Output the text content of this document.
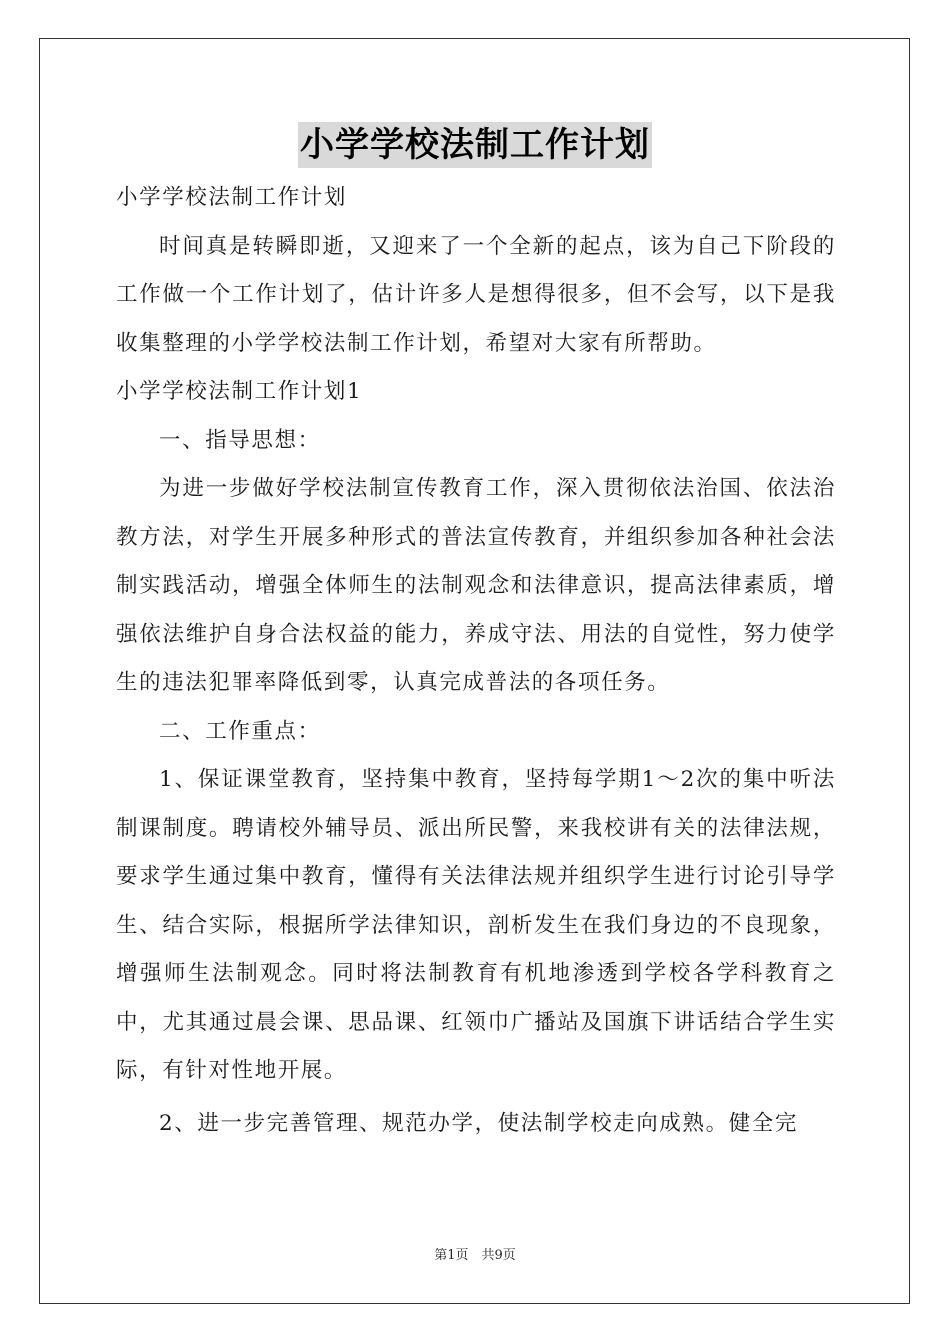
小学学校法制工作计划

小学学校法制工作计划

时间真是转瞬即逝，又迎来了一个全新的起点，该为自己下阶段的工作做一个工作计划了，估计许多人是想得很多，但不会写，以下是我收集整理的小学学校法制工作计划，希望对大家有所帮助。

小学学校法制工作计划1

一、指导思想：

为进一步做好学校法制宣传教育工作，深入贯彻依法治国、依法治教方法，对学生开展多种形式的普法宣传教育，并组织参加各种社会法制实践活动，增强全体师生的法制观念和法律意识，提高法律素质，增强依法维护自身合法权益的能力，养成守法、用法的自觉性，努力使学生的违法犯罪率降低到零，认真完成普法的各项任务。

二、工作重点：

1、保证课堂教育，坚持集中教育，坚持每学期1～2次的集中听法制课制度。聘请校外辅导员、派出所民警，来我校讲有关的法律法规，要求学生通过集中教育，懂得有关法律法规并组织学生进行讨论引导学生、结合实际，根据所学法律知识，剖析发生在我们身边的不良现象，增强师生法制观念。同时将法制教育有机地渗透到学校各学科教育之中，尤其通过晨会课、思品课、红领巾广播站及国旗下讲话结合学生实际，有针对性地开展。

2、进一步完善管理、规范办学，使法制学校走向成熟。健全完

第1页　共9页
